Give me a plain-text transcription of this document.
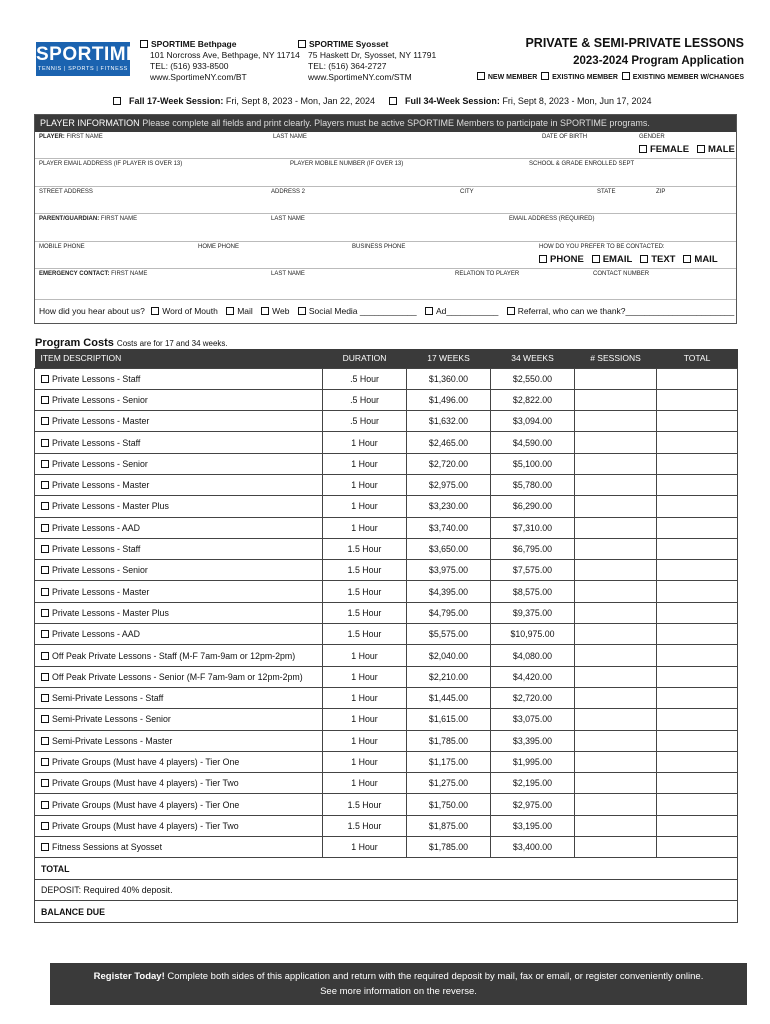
SPORTIME
TENNIS | SPORTS | FITNESS
SPORTIME Bethpage
101 Norcross Ave, Bethpage, NY 11714
TEL: (516) 933-8500
www.SportimeNY.com/BT
SPORTIME Syosset
75 Haskett Dr, Syosset, NY 11791
TEL: (516) 364-2727
www.SportimeNY.com/STM
PRIVATE & SEMI-PRIVATE LESSONS
2023-2024 Program Application
NEW MEMBER EXISTING MEMBER EXISTING MEMBER W/CHANGES
Fall 17-Week Session: Fri, Sept 8, 2023 - Mon, Jan 22, 2024	Full 34-Week Session: Fri, Sept 8, 2023 - Mon, Jun 17, 2024
PLAYER INFORMATION Please complete all fields and print clearly. Players must be active SPORTIME Members to participate in SPORTIME programs.
PLAYER: FIRST NAME	LAST NAME	DATE OF BIRTH	GENDER
FEMALE MALE
PLAYER EMAIL ADDRESS (IF PLAYER IS OVER 13)	PLAYER MOBILE NUMBER (IF OVER 13)	SCHOOL & GRADE ENROLLED SEPT
STREET ADDRESS	ADDRESS 2	CITY	STATE	ZIP
PARENT/GUARDIAN: FIRST NAME	LAST NAME	EMAIL ADDRESS (REQUIRED)
MOBILE PHONE	HOME PHONE	BUSINESS PHONE	HOW DO YOU PREFER TO BE CONTACTED:
PHONE EMAIL TEXT MAIL
EMERGENCY CONTACT: FIRST NAME	LAST NAME	RELATION TO PLAYER	CONTACT NUMBER
How did you hear about us? Word of Mouth Mail Web Social Media ____________ Ad___________ Referral, who can we thank?_______________________
Program Costs Costs are for 17 and 34 weeks.
ITEM DESCRIPTION	DURATION	17 WEEKS	34 WEEKS	# SESSIONS	TOTAL
Private Lessons - Staff	.5 Hour	$1,360.00	$2,550.00		
Private Lessons - Senior	.5 Hour	$1,496.00	$2,822.00		
Private Lessons - Master	.5 Hour	$1,632.00	$3,094.00		
Private Lessons - Staff	1 Hour	$2,465.00	$4,590.00		
Private Lessons - Senior	1 Hour	$2,720.00	$5,100.00		
Private Lessons - Master	1 Hour	$2,975.00	$5,780.00		
Private Lessons - Master Plus	1 Hour	$3,230.00	$6,290.00		
Private Lessons - AAD	1 Hour	$3,740.00	$7,310.00		
Private Lessons - Staff	1.5 Hour	$3,650.00	$6,795.00		
Private Lessons - Senior	1.5 Hour	$3,975.00	$7,575.00		
Private Lessons - Master	1.5 Hour	$4,395.00	$8,575.00		
Private Lessons - Master Plus	1.5 Hour	$4,795.00	$9,375.00		
Private Lessons - AAD	1.5 Hour	$5,575.00	$10,975.00		
Off Peak Private Lessons - Staff (M-F 7am-9am or 12pm-2pm)	1 Hour	$2,040.00	$4,080.00		
Off Peak Private Lessons - Senior (M-F 7am-9am or 12pm-2pm)	1 Hour	$2,210.00	$4,420.00		
Semi-Private Lessons - Staff	1 Hour	$1,445.00	$2,720.00		
Semi-Private Lessons - Senior	1 Hour	$1,615.00	$3,075.00		
Semi-Private Lessons - Master	1 Hour	$1,785.00	$3,395.00		
Private Groups (Must have 4 players) - Tier One	1 Hour	$1,175.00	$1,995.00		
Private Groups (Must have 4 players) - Tier Two	1 Hour	$1,275.00	$2,195.00		
Private Groups (Must have 4 players) - Tier One	1.5 Hour	$1,750.00	$2,975.00		
Private Groups (Must have 4 players) - Tier Two	1.5 Hour	$1,875.00	$3,195.00		
Fitness Sessions at Syosset	1 Hour	$1,785.00	$3,400.00		
TOTAL					
DEPOSIT: Required 40% deposit.					
BALANCE DUE					
Register Today! Complete both sides of this application and return with the required deposit by mail, fax or email, or register conveniently online.
See more information on the reverse.
